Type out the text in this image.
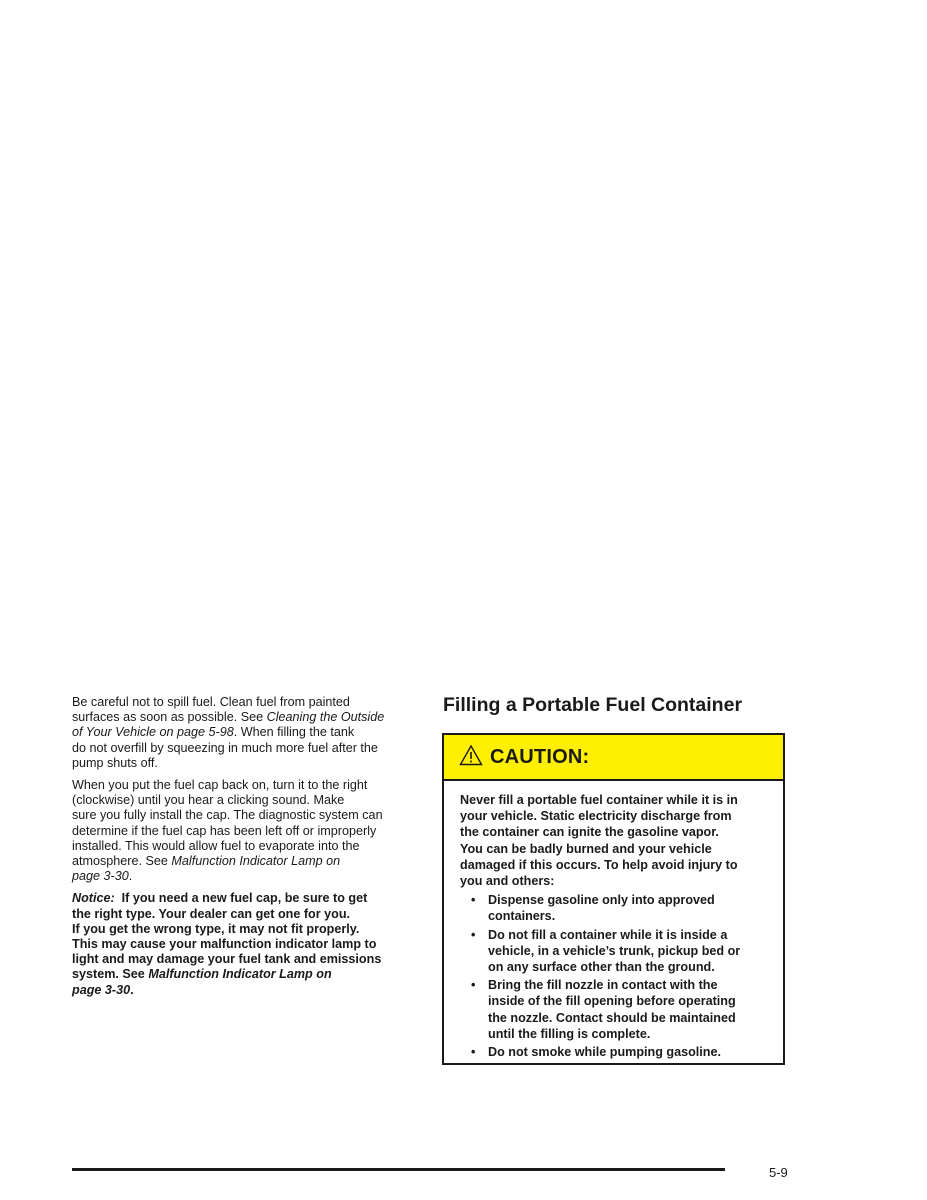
Be careful not to spill fuel. Clean fuel from painted
surfaces as soon as possible. See Cleaning the Outside
of Your Vehicle on page 5-98. When filling the tank
do not overfill by squeezing in much more fuel after the
pump shuts off.

When you put the fuel cap back on, turn it to the right
(clockwise) until you hear a clicking sound. Make
sure you fully install the cap. The diagnostic system can
determine if the fuel cap has been left off or improperly
installed. This would allow fuel to evaporate into the
atmosphere. See Malfunction Indicator Lamp on
page 3-30.

Notice:  If you need a new fuel cap, be sure to get
the right type. Your dealer can get one for you.
If you get the wrong type, it may not fit properly.
This may cause your malfunction indicator lamp to
light and may damage your fuel tank and emissions
system. See Malfunction Indicator Lamp on
page 3-30.

Filling a Portable Fuel Container
CAUTION:

Never fill a portable fuel container while it is in
your vehicle. Static electricity discharge from
the container can ignite the gasoline vapor.
You can be badly burned and your vehicle
damaged if this occurs. To help avoid injury to
you and others:

• Dispense gasoline only into approved
containers.
• Do not fill a container while it is inside a
vehicle, in a vehicle’s trunk, pickup bed or
on any surface other than the ground.
• Bring the fill nozzle in contact with the
inside of the fill opening before operating
the nozzle. Contact should be maintained
until the filling is complete.
• Do not smoke while pumping gasoline.
5-9
